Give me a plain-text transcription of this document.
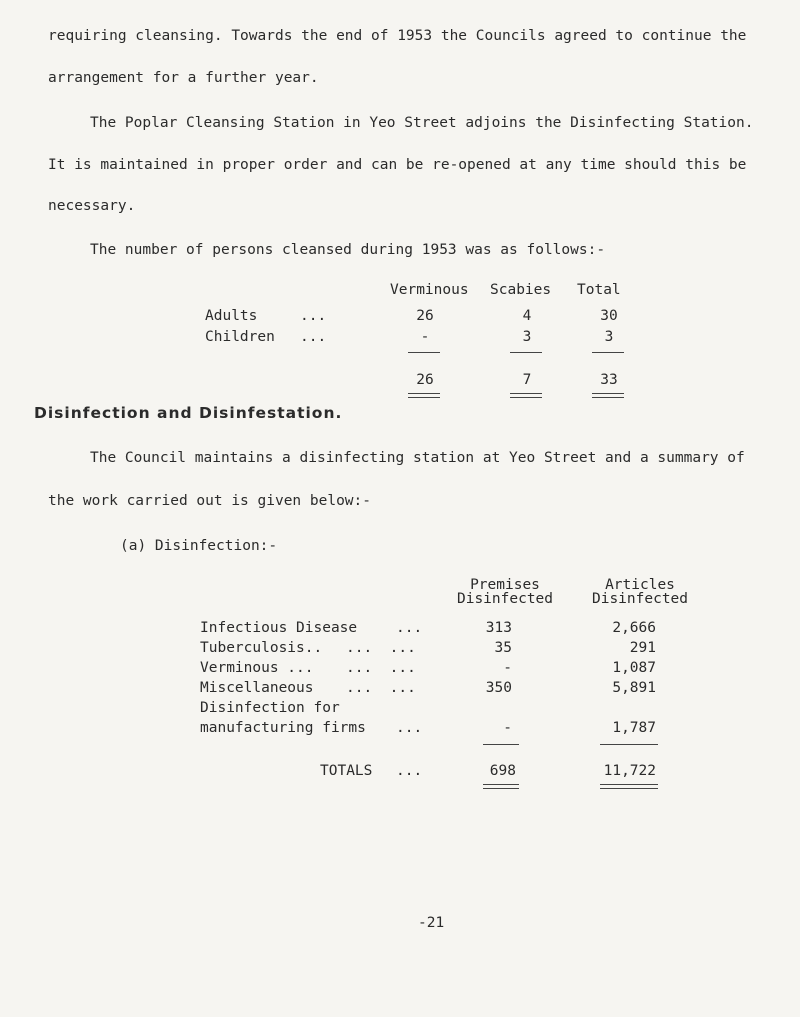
requiring cleansing. Towards the end of 1953 the Councils agreed to continue the
arrangement for a further year.
The Poplar Cleansing Station in Yeo Street adjoins the Disinfecting Station.
It is maintained in proper order and can be re-opened at any time should this be
necessary.
The number of persons cleansed during 1953 was as follows:-
Verminous Scabies Total
Adults	...	26	4	30
Children ...	-	3	3
26	7	33
Disinfection and Disinfestation.
The Council maintains a disinfecting station at Yeo Street and a summary of
the work carried out is given below:-
(a) Disinfection:-
Premises
Disinfected
Articles
Disinfected
Infectious Disease	...	313	2,666
Tuberculosis.. ...  ...	35	291
Verminous ... ...  ...	-	1,087
Miscellaneous ...  ...	350	5,891
Disinfection for
manufacturing firms ...	-	1,787
TOTALS ...	698	11,722
-21
